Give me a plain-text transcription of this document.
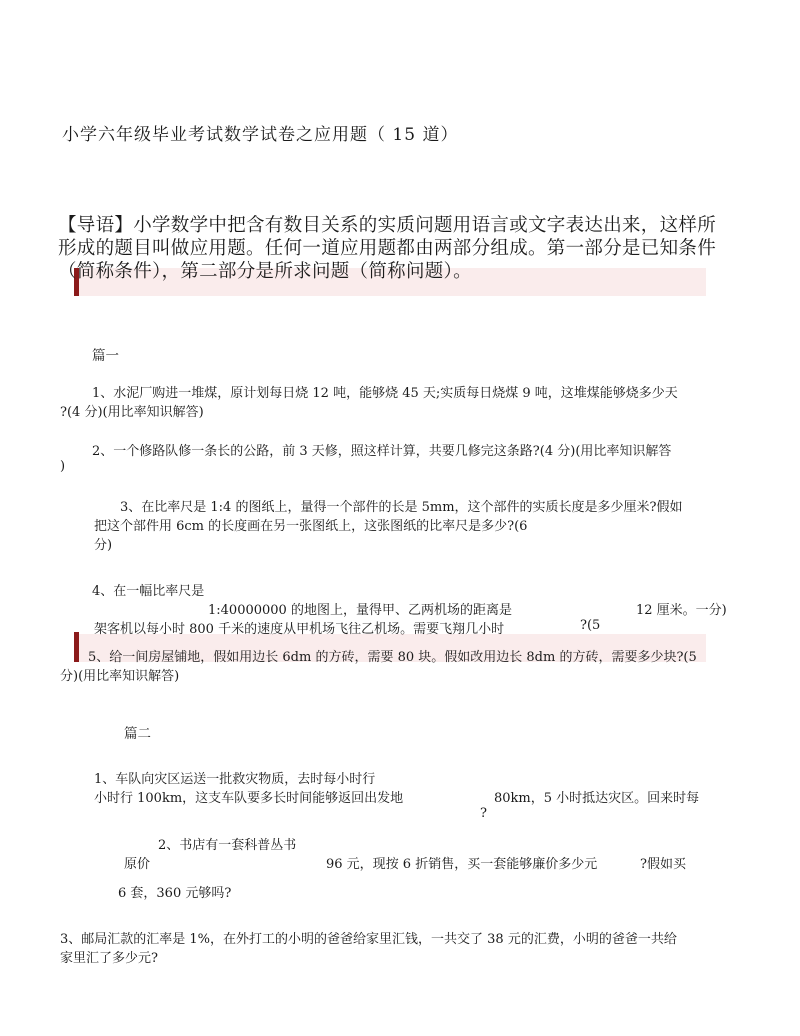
小学六年级毕业考试数学试卷之应用题（ 15 道）

【导语】小学数学中把含有数目关系的实质问题用语言或文字表达出来，这样所

形成的题目叫做应用题。任何一道应用题都由两部分组成。第一部分是已知条件

（简称条件），第二部分是所求问题（简称问题）。

篇一
1、水泥厂购进一堆煤，原计划每日烧 12 吨，能够烧 45 天;实质每日烧煤 9 吨，这堆煤能够烧多少天
?(4 分)(用比率知识解答)
2、一个修路队修一条长的公路，前 3 天修，照这样计算，共要几修完这条路?(4 分)(用比率知识解答
)
3、在比率尺是 1:4 的图纸上，量得一个部件的长是 5mm，这个部件的实质长度是多少厘米?假如
把这个部件用 6cm 的长度画在另一张图纸上，这张图纸的比率尺是多少?(6
分)
4、在一幅比率尺是
1:40000000 的地图上，量得甲、乙两机场的距离是	12 厘米。一分)
架客机以每小时 800 千米的速度从甲机场飞往乙机场。需要飞翔几小时	?(5
5、给一间房屋铺地，假如用边长 6dm 的方砖，需要 80 块。假如改用边长 8dm 的方砖，需要多少块?(5
分)(用比率知识解答)
篇二
1、车队向灾区运送一批救灾物质，去时每小时行
小时行 100km，这支车队要多长时间能够返回出发地	80km，5 小时抵达灾区。回来时每
?
2、书店有一套科普丛书
原价	96 元，现按 6 折销售，买一套能够廉价多少元	?假如买
6 套，360 元够吗?
3、邮局汇款的汇率是 1%，在外打工的小明的爸爸给家里汇钱，一共交了 38 元的汇费，小明的爸爸一共给
家里汇了多少元?
